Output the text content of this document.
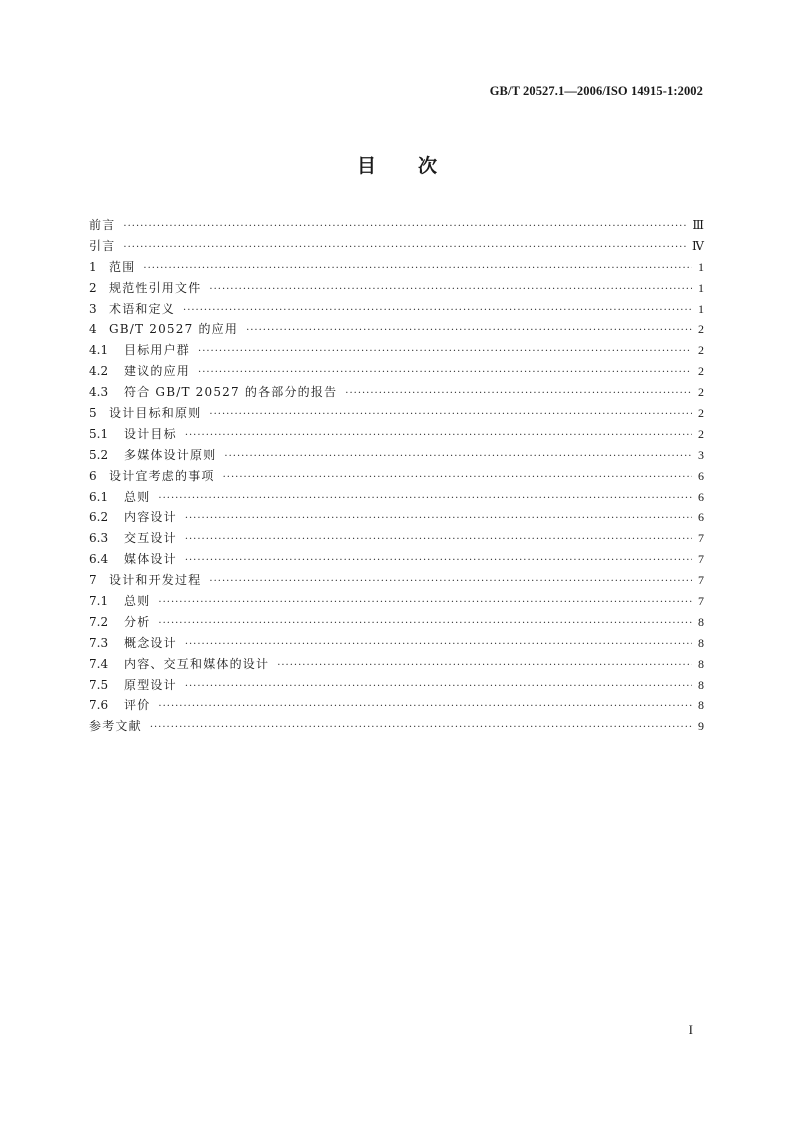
GB/T 20527.1—2006/ISO 14915-1:2002
目次
前言 ·····	Ⅲ
引言 ·····	Ⅳ
1	范围 ·····	1
2	规范性引用文件 ·····	1
3	术语和定义 ·····	1
4	GB/T 20527 的应用 ·····	2
4.1	目标用户群 ·····	2
4.2	建议的应用 ·····	2
4.3	符合 GB/T 20527 的各部分的报告 ·····	2
5	设计目标和原则 ·····	2
5.1	设计目标 ·····	2
5.2	多媒体设计原则 ·····	3
6	设计宜考虑的事项 ·····	6
6.1	总则 ·····	6
6.2	内容设计 ·····	6
6.3	交互设计 ·····	7
6.4	媒体设计 ·····	7
7	设计和开发过程 ·····	7
7.1	总则 ·····	7
7.2	分析 ·····	8
7.3	概念设计 ·····	8
7.4	内容、交互和媒体的设计 ·····	8
7.5	原型设计 ·····	8
7.6	评价 ·····	8
参考文献 ·····	9
I
